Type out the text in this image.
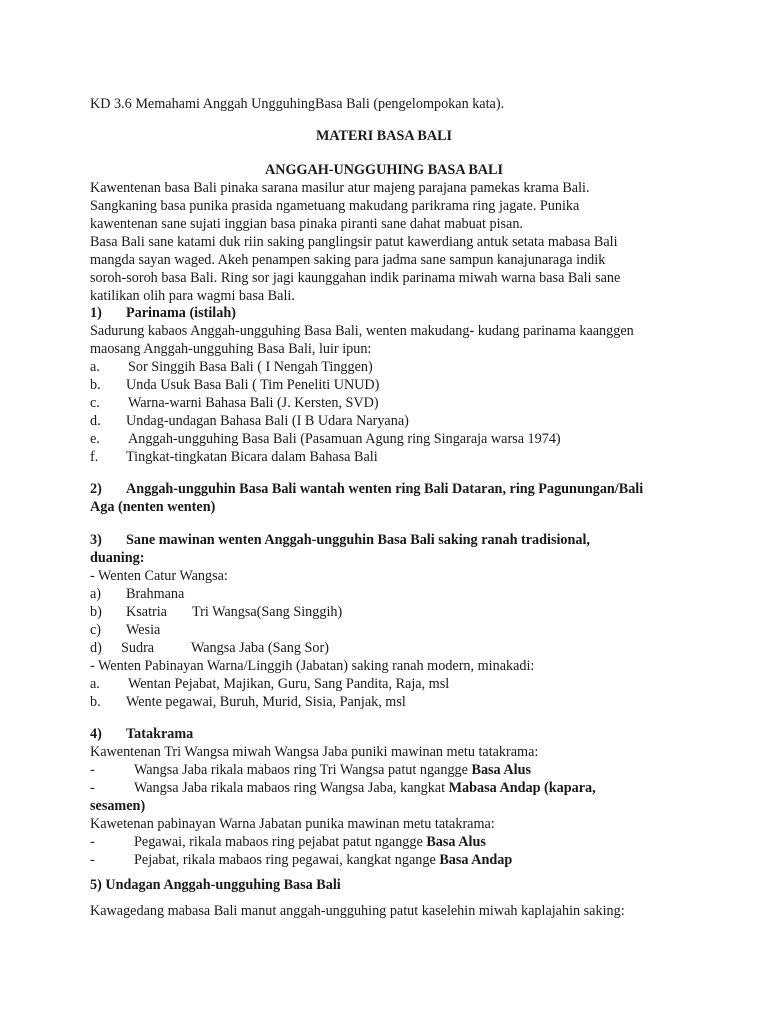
KD 3.6 Memahami Anggah UngguhingBasa Bali (pengelompokan kata).
MATERI BASA BALI
ANGGAH-UNGGUHING BASA BALI
Kawentenan basa Bali pinaka sarana masilur atur majeng parajana pamekas krama Bali.
Sangkaning basa punika prasida ngametuang makudang parikrama ring jagate. Punika
kawentenan sane sujati inggian basa pinaka piranti sane dahat mabuat pisan.
Basa Bali sane katami duk riin saking panglingsir patut kawerdiang antuk setata mabasa Bali
mangda sayan waged. Akeh penampen saking para jadma sane sampun kanajunaraga indik
soroh-soroh basa Bali. Ring sor jagi kaunggahan indik parinama miwah warna basa Bali sane
katilikan olih para wagmi basa Bali.
1) Parinama (istilah)
Sadurung kabaos Anggah-ungguhing Basa Bali, wenten makudang- kudang parinama kaanggen
maosang Anggah-ungguhing Basa Bali, luir ipun:
a. Sor Singgih Basa Bali ( I Nengah Tinggen)
b. Unda Usuk Basa Bali ( Tim Peneliti UNUD)
c. Warna-warni Bahasa Bali (J. Kersten, SVD)
d. Undag-undagan Bahasa Bali (I B Udara Naryana)
e. Anggah-ungguhing Basa Bali (Pasamuan Agung ring Singaraja warsa 1974)
f. Tingkat-tingkatan Bicara dalam Bahasa Bali
2) Anggah-ungguhin Basa Bali wantah wenten ring Bali Dataran, ring Pagunungan/Bali
Aga (nenten wenten)
3) Sane mawinan wenten Anggah-ungguhin Basa Bali saking ranah tradisional,
duaning:
- Wenten Catur Wangsa:
a) Brahmana
b) Ksatria Tri Wangsa(Sang Singgih)
c) Wesia
d) Sudra	Wangsa Jaba (Sang Sor)
- Wenten Pabinayan Warna/Linggih (Jabatan) saking ranah modern, minakadi:
a. Wentan Pejabat, Majikan, Guru, Sang Pandita, Raja, msl
b. Wente pegawai, Buruh, Murid, Sisia, Panjak, msl
4) Tatakrama
Kawentenan Tri Wangsa miwah Wangsa Jaba puniki mawinan metu tatakrama:
-	Wangsa Jaba rikala mabaos ring Tri Wangsa patut ngangge Basa Alus
-	Wangsa Jaba rikala mabaos ring Wangsa Jaba, kangkat Mabasa Andap (kapara,
sesamen)
Kawetenan pabinayan Warna Jabatan punika mawinan metu tatakrama:
-	Pegawai, rikala mabaos ring pejabat patut ngangge Basa Alus
-	Pejabat, rikala mabaos ring pegawai, kangkat ngange Basa Andap
5) Undagan Anggah-ungguhing Basa Bali
Kawagedang mabasa Bali manut anggah-ungguhing patut kaselehin miwah kaplajahin saking:
